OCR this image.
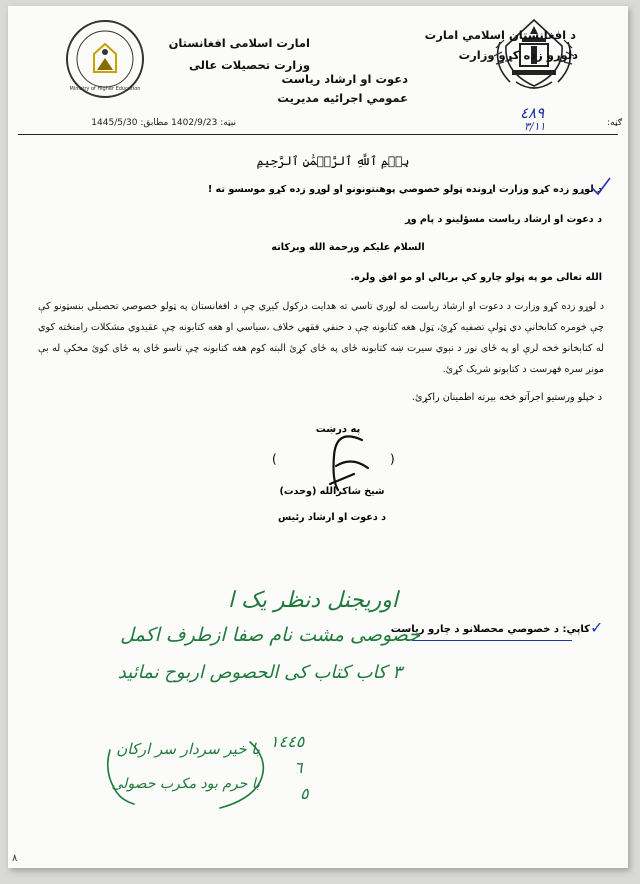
Ministry of Higher Education
د افغانستان اسلامي امارت
دلوړو زده کړو وزارت
امارت اسلامی افغانستان
وزارت تحصیلات عالی
دعوت او ارشاد رياست
عمومي اجرائيه مدیریت
نېټه: 1402/9/23 مطابق: 1445/5/30	ګڼه:
٤٨٩
٣/١١
بِسۡمِ ٱللَّهِ ٱلرَّحۡمَٰنِ ٱلرَّحِيمِ
د لوړو زده کړو وزارت اړونده ټولو خصوصي پوهنتونونو او لوړو زده کړو موسسو ته !
د دعوت او ارشاد رياست مسؤلينو د پام وړ
السلام عليکم ورحمة الله وبرکاته
الله تعالی مو په ټولو چارو کې بريالي او مو افق ولره.
د لوړو زده کړو وزارت د دعوت او ارشاد رياست له لوري تاسي ته هدايت درکول کيږي چې د افغانستان په ټولو خصوصي تحصيلي بنسټونو کې چې څومره کتابخانې دي ټولې تصفيه کړئ، ټول هغه کتابونه چې د حنفي فقهي خلاف ،سياسي او هغه کتابونه چې عقيدوي مشکلات رامنځته کوي له کتابخانو څخه لرې او په ځای نور د نبوي سيرت ښه کتابونه ځای په ځای کړئ البته کوم هغه کتابونه چې تاسو ځای په ځای کوئ مخکې له بې مونږ سره فهرست د کتابونو شريک کړئ.
د خپلو ورستيو اجرآتو څخه بېرته اطمينان راکړئ.
په درښت
(	)
شیخ شاکرالله (وحدت)
د دعوت او ارشاد رئيس
کاپي: د خصوصي محصلانو د چارو رياست ✓
اوریجنل دنظر یک ا
خصوصی مشت نام صفا ازطرف اکمل
۳ کاب کتاب کی الحصوص اربوح نمائید
با خیر سردار سر ارکان
با حرم بود مکرب حصولی
١٤٤٥
٦
٥
٨
